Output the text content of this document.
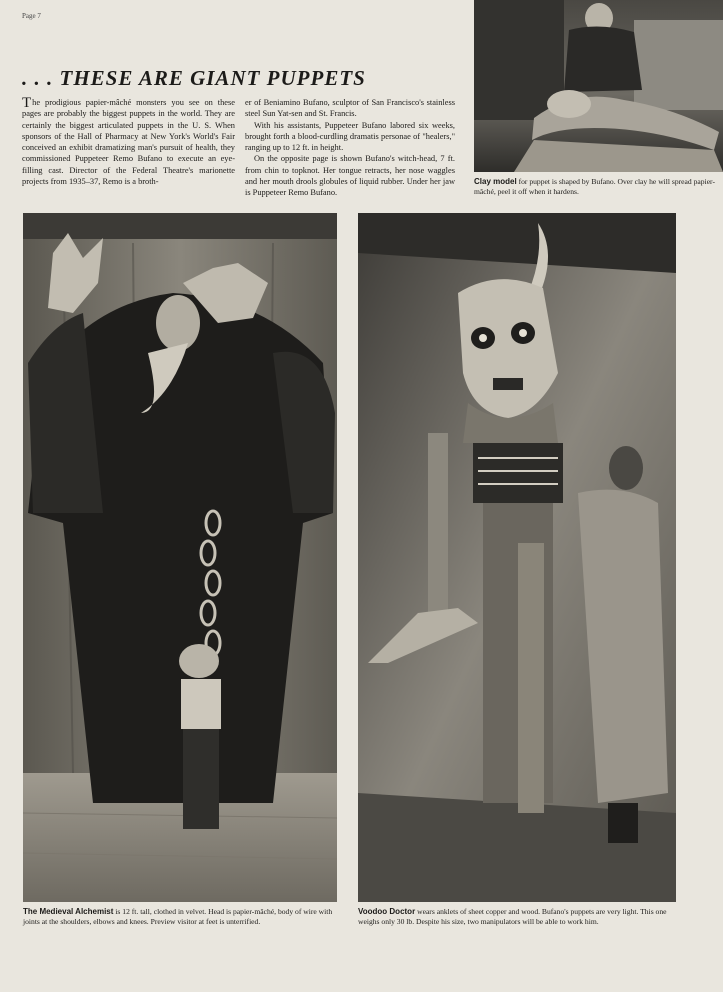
Page 7
. . . THESE ARE GIANT PUPPETS

The prodigious papier-mâché monsters you see on these pages are probably the biggest puppets in the world. They are certainly the biggest articulated puppets in the U. S. When sponsors of the Hall of Pharmacy at New York's World's Fair conceived an exhibit dramatizing man's pursuit of health, they commissioned Puppeteer Remo Bufano to execute an eye-filling cast. Director of the Federal Theatre's marionette projects from 1935–37, Remo is a broth-

er of Beniamino Bufano, sculptor of San Francisco's stainless steel Sun Yat-sen and St. Francis.

With his assistants, Puppeteer Bufano labored six weeks, brought forth a blood-curdling dramatis personae of "healers," ranging up to 12 ft. in height.

On the opposite page is shown Bufano's witch-head, 7 ft. from chin to topknot. Her tongue retracts, her nose waggles and her mouth drools globules of liquid rubber. Under her jaw is Puppeteer Remo Bufano.

Clay model for puppet is shaped by Bufano. Over clay he will spread papier-mâché, peel it off when it hardens.
The Medieval Alchemist is 12 ft. tall, clothed in velvet. Head is papier-mâché, body of wire with joints at the shoulders, elbows and knees. Preview visitor at feet is unterrified.
Voodoo Doctor wears anklets of sheet copper and wood. Bufano's puppets are very light. This one weighs only 30 lb. Despite his size, two manipulators will be able to work him.
